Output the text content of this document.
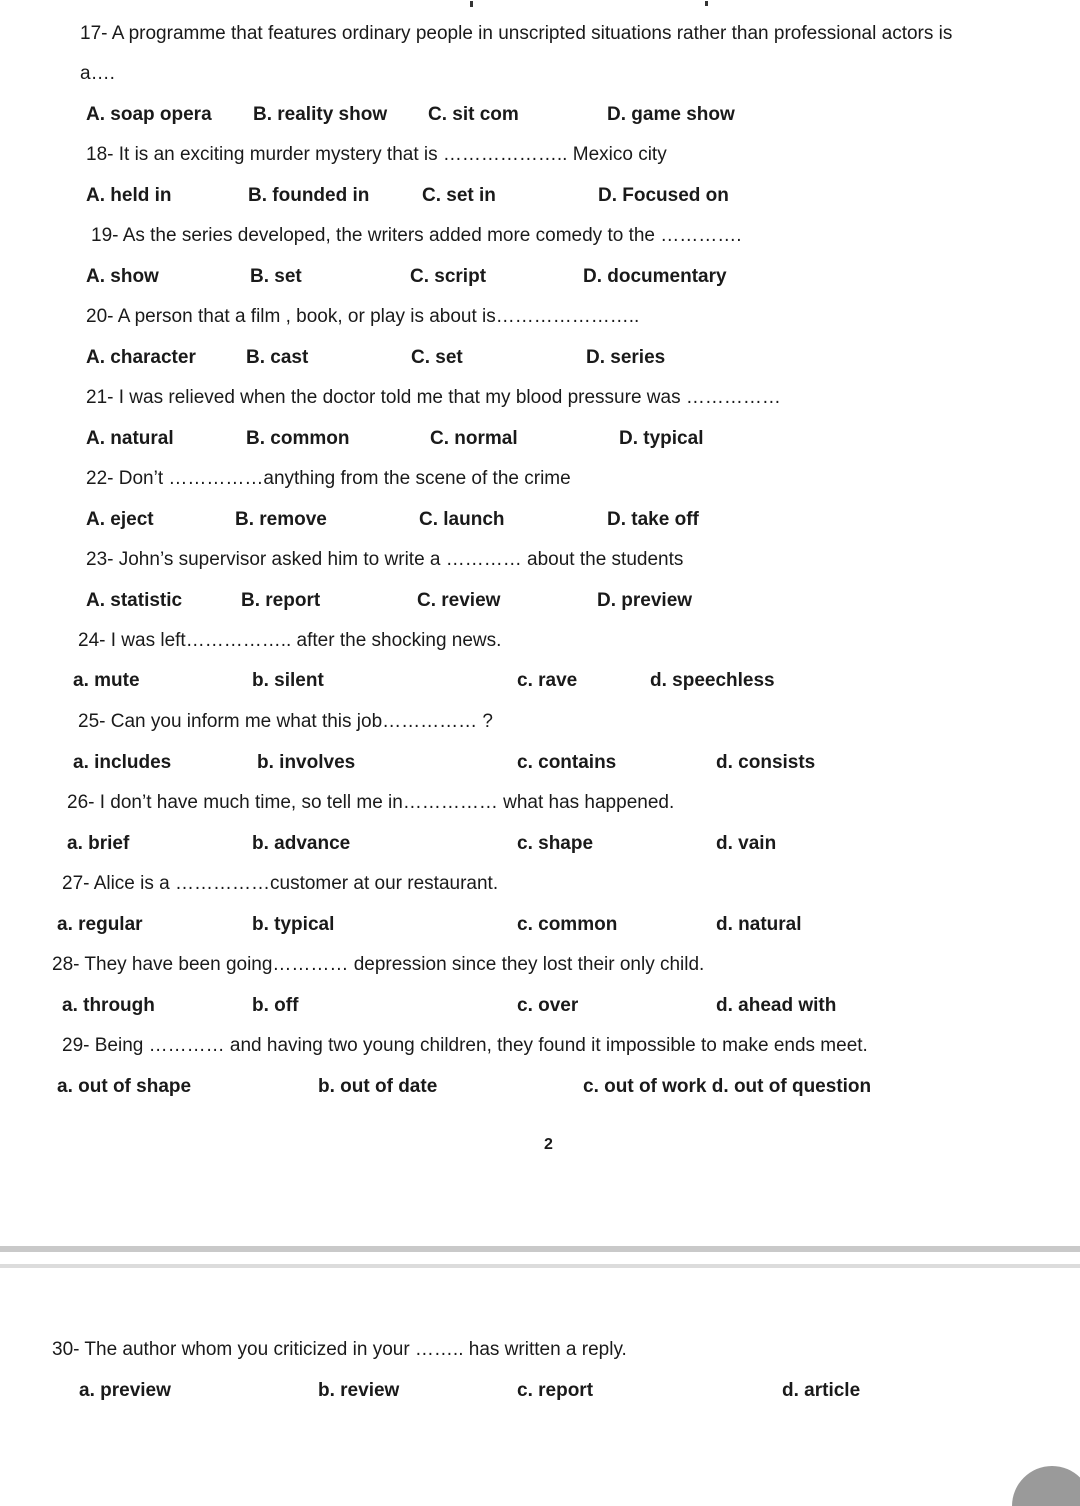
17- A programme that features ordinary people in unscripted situations rather than professional actors is
a….
A. soap opera B. reality show C. sit com	D. game show
18- It is an exciting murder mystery that is ……………….. Mexico city
A. held in	B. founded in	C. set in	D. Focused on
19- As the series developed, the writers added more comedy to the ………….
A. show	B. set	C. script	D. documentary
20- A person that a film , book, or play is about is…………………..
A. character	B. cast	C. set	D. series
21- I was relieved when the doctor told me that my blood pressure was ……………
A. natural	B. common	C. normal	D. typical
22- Don’t ……………anything from the scene of the crime
A. eject	B. remove	C. launch	D. take off
23- John’s supervisor asked him to write a ………… about the students
A. statistic	B. report	C. review	D. preview
24- I was left…………….. after the shocking news.
a. mute	b. silent	c. rave	d. speechless
25- Can you inform me what this job…………… ?
a. includes	b. involves	c. contains	d. consists
26- I don’t have much time, so tell me in…………… what has happened.
a. brief	b. advance	c. shape	d. vain
27- Alice is a ……………customer at our restaurant.
a. regular	b. typical	c. common	d. natural
28- They have been going………… depression since they lost their only child.
a. through	b. off	c. over	d. ahead with
29- Being ………… and having two young children, they found it impossible to make ends meet.
a. out of shape	b. out of date	c. out of work d. out of question
2
30- The author whom you criticized in your …….. has written a reply.
a. preview	b. review	c. report	d. article
